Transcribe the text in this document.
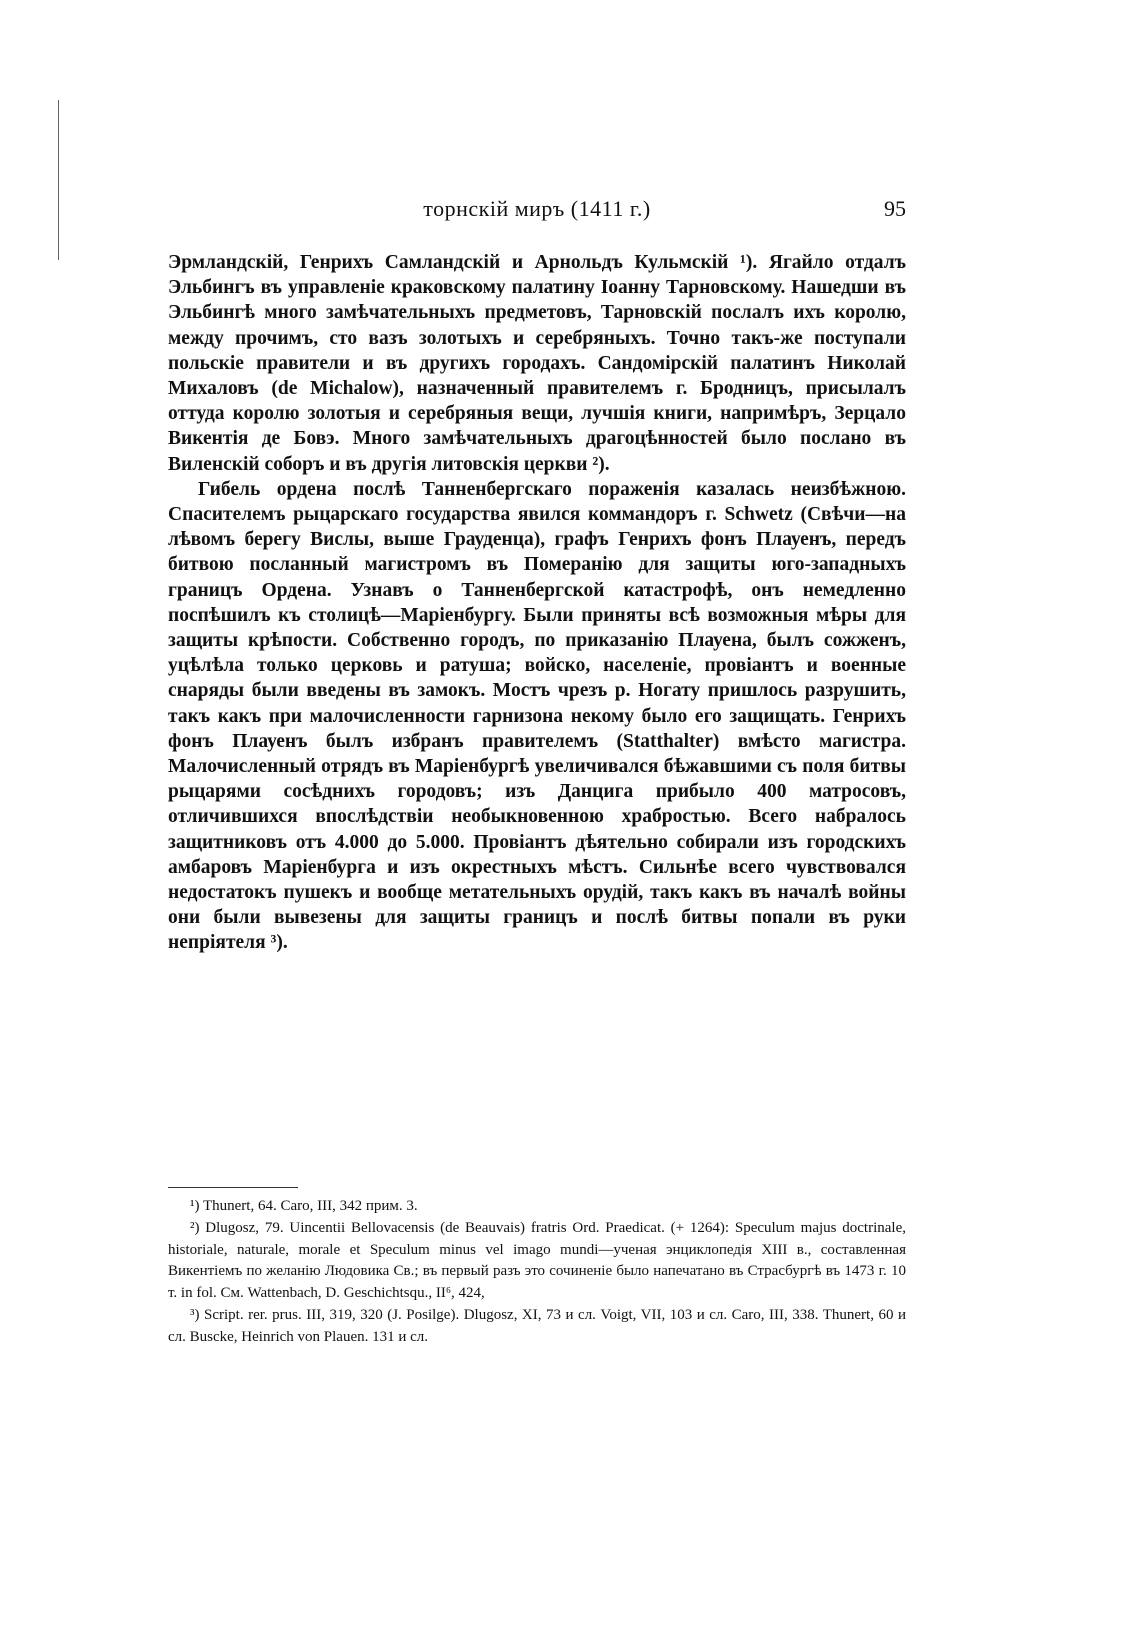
торнскій миръ (1411 г.)	95

Эрмландскій, Генрихъ Самландскій и Арнольдъ Кульмскій ¹). Ягайло отдалъ Эльбингъ въ управленіе краковскому палатину Іоанну Тарновскому. Нашедши въ Эльбингѣ много замѣчательныхъ предметовъ, Тарновскій послалъ ихъ королю, между прочимъ, сто вазъ золотыхъ и серебряныхъ. Точно такъ-же поступали польскіе правители и въ другихъ городахъ. Сандомірскій палатинъ Николай Михаловъ (de Michalow), назначенный правителемъ г. Бродницъ, присылалъ оттуда королю золотыя и серебряныя вещи, лучшія книги, напримѣръ, Зерцало Викентія де Бовэ. Много замѣчательныхъ драгоцѣнностей было послано въ Виленскій соборъ и въ другія литовскія церкви ²).

Гибель ордена послѣ Танненбергскаго пораженія казалась неизбѣжною. Спасителемъ рыцарскаго государства явился коммандоръ г. Schwetz (Свѣчи—на лѣвомъ берегу Вислы, выше Грауденца), графъ Генрихъ фонъ Плауенъ, передъ битвою посланный магистромъ въ Померанію для защиты юго-западныхъ границъ Ордена. Узнавъ о Танненбергской катастрофѣ, онъ немедленно поспѣшилъ къ столицѣ—Маріенбургу. Были приняты всѣ возможныя мѣры для защиты крѣпости. Собственно городъ, по приказанію Плауена, былъ сожженъ, уцѣлѣла только церковь и ратуша; войско, населеніе, провіантъ и военные снаряды были введены въ замокъ. Мостъ чрезъ р. Ногату пришлось разрушить, такъ какъ при малочисленности гарнизона некому было его защищать. Генрихъ фонъ Плауенъ былъ избранъ правителемъ (Statthalter) вмѣсто магистра. Малочисленный отрядъ въ Маріенбургѣ увеличивался бѣжавшими съ поля битвы рыцарями сосѣднихъ городовъ; изъ Данцига прибыло 400 матросовъ, отличившихся впослѣдствіи необыкновенною храбростью. Всего набралось защитниковъ отъ 4.000 до 5.000. Провіантъ дѣятельно собирали изъ городскихъ амбаровъ Маріенбурга и изъ окрестныхъ мѣстъ. Сильнѣе всего чувствовался недостатокъ пушекъ и вообще метательныхъ орудій, такъ какъ въ началѣ войны они были вывезены для защиты границъ и послѣ битвы попали въ руки непріятеля ³).

¹) Thunert, 64. Caro, III, 342 прим. 3.

²) Dlugosz, 79. Uincentii Bellovacensis (de Beauvais) fratris Ord. Praedicat. (+ 1264): Speculum majus doctrinale, historiale, naturale, morale et Speculum minus vel imago mundi—ученая энциклопедія XIII в., составленная Викентіемъ по желанію Людовика Св.; въ первый разъ это сочиненіе было напечатано въ Страсбургѣ въ 1473 г. 10 т. in fol. См. Wattenbach, D. Geschichtsqu., II⁶, 424,

³) Script. rer. prus. III, 319, 320 (J. Posilge). Dlugosz, XI, 73 и сл. Voigt, VII, 103 и сл. Caro, III, 338. Thunert, 60 и сл. Buscke, Heinrich von Plauen. 131 и сл.
